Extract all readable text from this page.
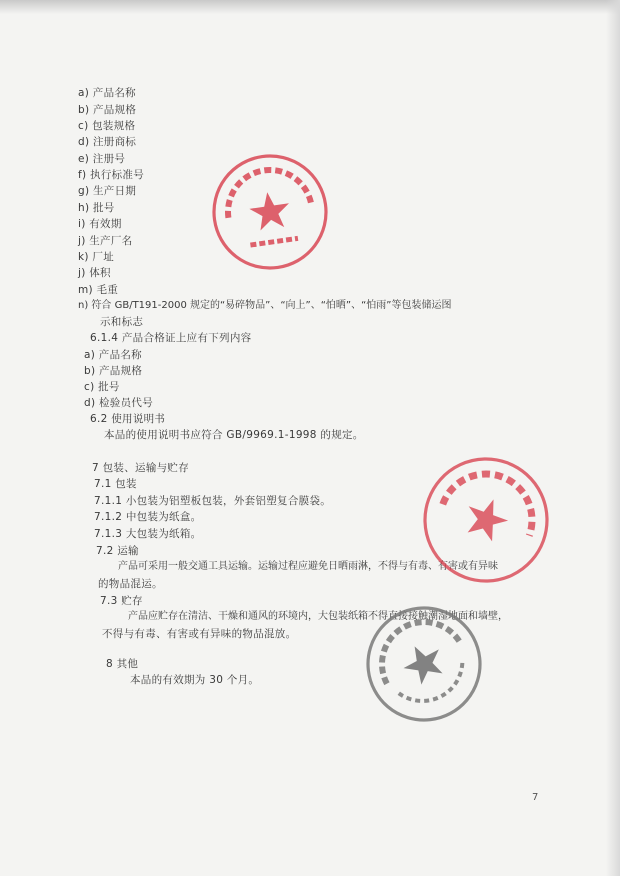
a) 产品名称
b) 产品规格
c) 包装规格
d) 注册商标
e) 注册号
f) 执行标准号
g) 生产日期
h) 批号
i) 有效期
j) 生产厂名
k) 厂址
j) 体积
m) 毛重
n) 符合 GB/T191-2000 规定的“易碎物品”、“向上”、“怕晒”、“怕雨”等包装储运图
示和标志
6.1.4 产品合格证上应有下列内容
a) 产品名称
b) 产品规格
c) 批号
d) 检验员代号
6.2 使用说明书
本品的使用说明书应符合 GB/9969.1-1998 的规定。
7 包装、运输与贮存
7.1 包装
7.1.1 小包装为铝塑板包装，外套铝塑复合膜袋。
7.1.2 中包装为纸盒。
7.1.3 大包装为纸箱。
7.2 运输
产品可采用一般交通工具运输。运输过程应避免日晒雨淋，不得与有毒、有害或有异味
的物品混运。
7.3 贮存
产品应贮存在清洁、干燥和通风的环境内，大包装纸箱不得直接接触潮湿地面和墙壁，
不得与有毒、有害或有异味的物品混放。
8 其他
本品的有效期为 30 个月。
7
